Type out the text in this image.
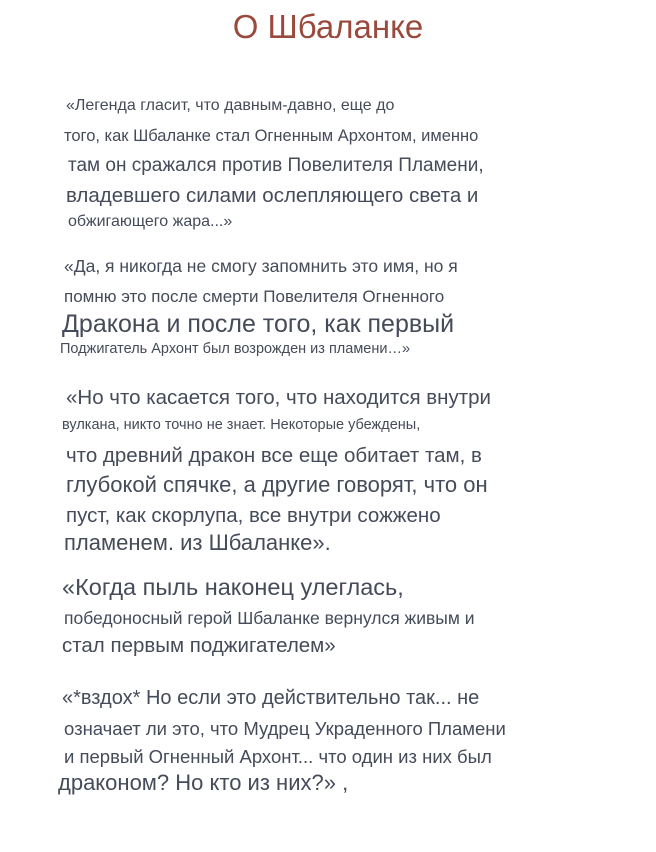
О Шбаланке

«Легенда гласит, что давным-давно, еще до

того, как Шбаланке стал Огненным Архонтом, именно

там он сражался против Повелителя Пламени,

владевшего силами ослепляющего света и

обжигающего жара...»

«Да, я никогда не смогу запомнить это имя, но я

помню это после смерти Повелителя Огненного

Дракона и после того, как первый

Поджигатель Архонт был возрожден из пламени…»

«Но что касается того, что находится внутри

вулкана, никто точно не знает. Некоторые убеждены,

что древний дракон все еще обитает там, в

глубокой спячке, а другие говорят, что он

пуст, как скорлупа, все внутри сожжено

пламенем. из Шбаланке».

«Когда пыль наконец улеглась,

победоносный герой Шбаланке вернулся живым и

стал первым поджигателем»

«*вздох* Но если это действительно так... не

означает ли это, что Мудрец Украденного Пламени

и первый Огненный Архонт... что один из них был

драконом? Но кто из них?» ,
